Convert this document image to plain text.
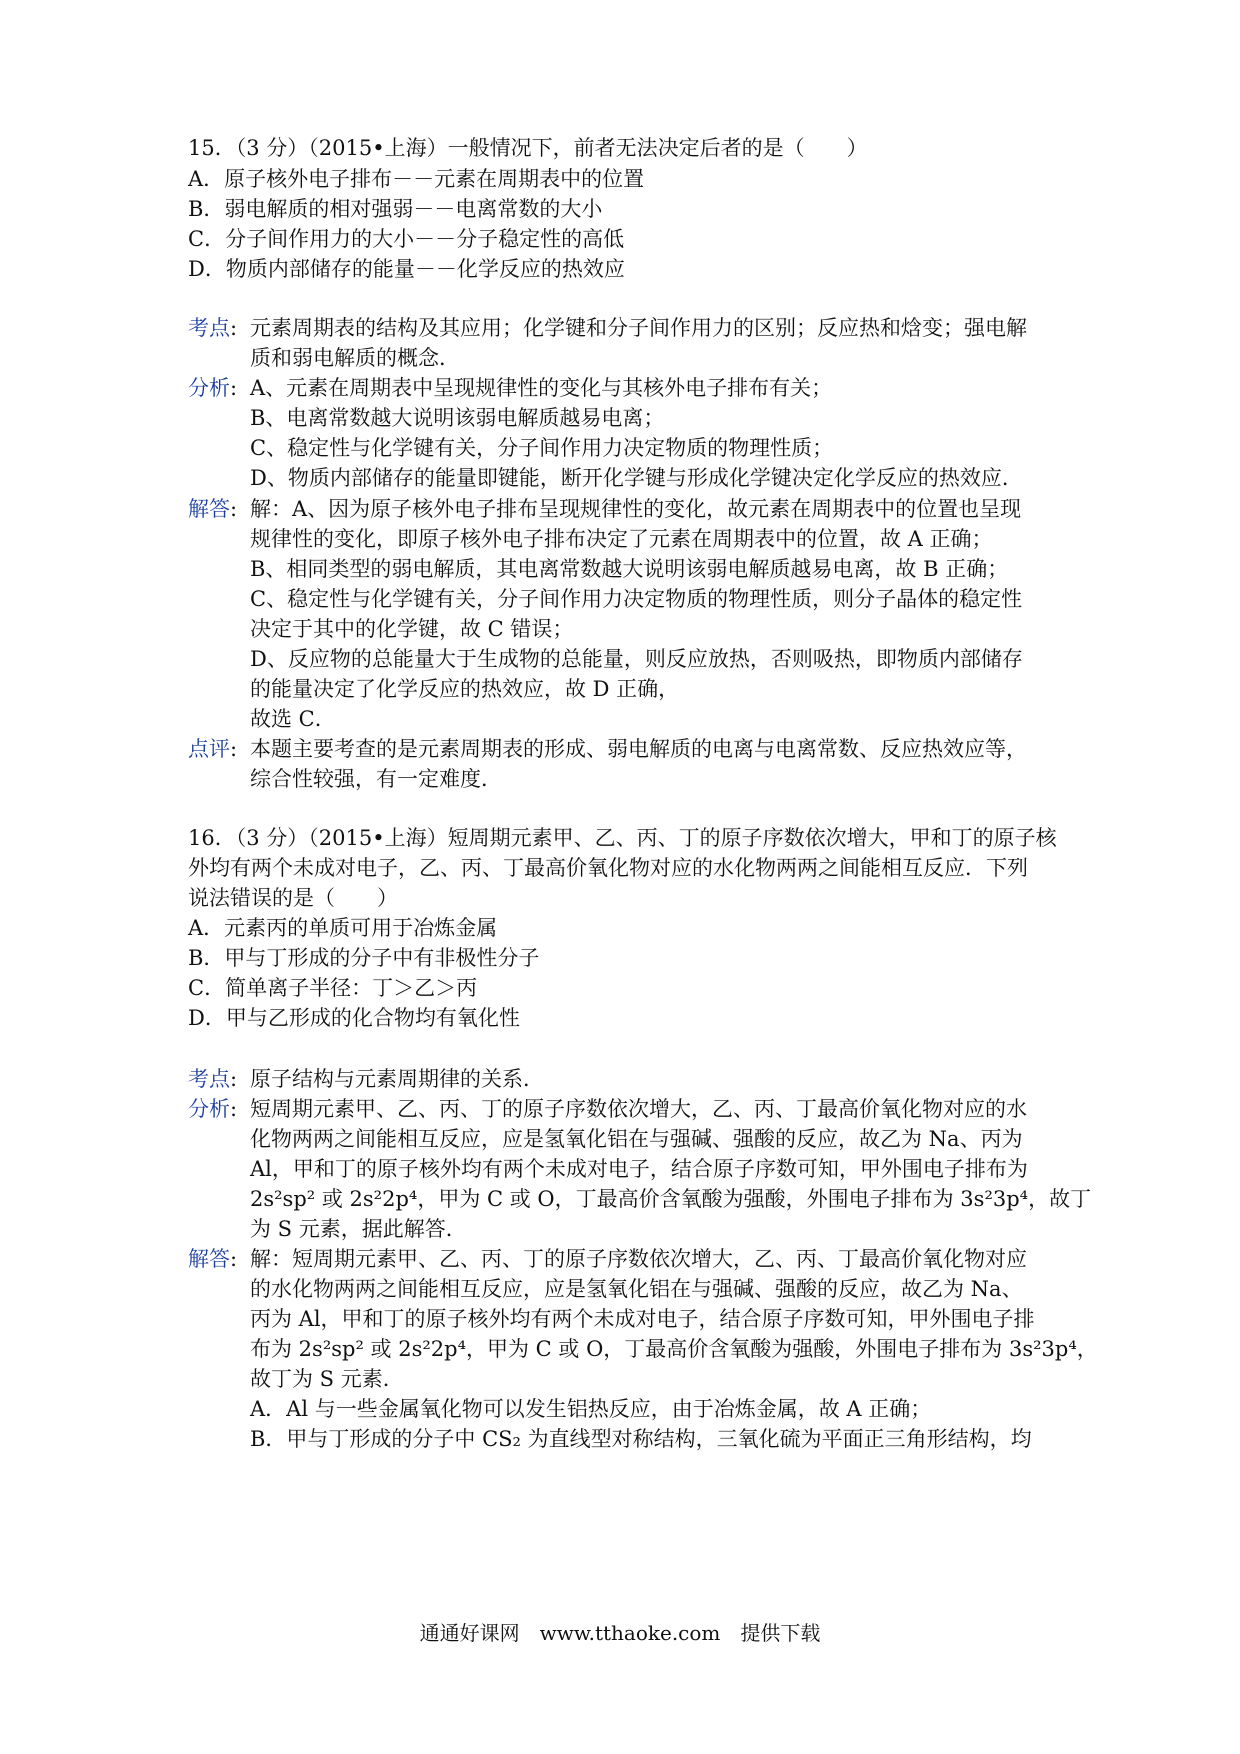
15．（3 分）（2015•上海）一般情况下，前者无法决定后者的是（　　）
A．原子核外电子排布－－元素在周期表中的位置
B．弱电解质的相对强弱－－电离常数的大小
C．分子间作用力的大小－－分子稳定性的高低
D．物质内部储存的能量－－化学反应的热效应
考点: 元素周期表的结构及其应用；化学键和分子间作用力的区别；反应热和焓变；强电解
质和弱电解质的概念．
分析: A、元素在周期表中呈现规律性的变化与其核外电子排布有关；
B、电离常数越大说明该弱电解质越易电离；
C、稳定性与化学键有关，分子间作用力决定物质的物理性质；
D、物质内部储存的能量即键能，断开化学键与形成化学键决定化学反应的热效应．
解答: 解：A、因为原子核外电子排布呈现规律性的变化，故元素在周期表中的位置也呈现
规律性的变化，即原子核外电子排布决定了元素在周期表中的位置，故 A 正确；
B、相同类型的弱电解质，其电离常数越大说明该弱电解质越易电离，故 B 正确；
C、稳定性与化学键有关，分子间作用力决定物质的物理性质，则分子晶体的稳定性
决定于其中的化学键，故 C 错误；
D、反应物的总能量大于生成物的总能量，则反应放热，否则吸热，即物质内部储存
的能量决定了化学反应的热效应，故 D 正确，
故选 C．
点评: 本题主要考查的是元素周期表的形成、弱电解质的电离与电离常数、反应热效应等，
综合性较强，有一定难度．
16．（3 分）（2015•上海）短周期元素甲、乙、丙、丁的原子序数依次增大，甲和丁的原子核
外均有两个未成对电子，乙、丙、丁最高价氧化物对应的水化物两两之间能相互反应．下列
说法错误的是（　　）
A．元素丙的单质可用于冶炼金属
B．甲与丁形成的分子中有非极性分子
C．简单离子半径：丁＞乙＞丙
D．甲与乙形成的化合物均有氧化性
考点: 原子结构与元素周期律的关系．
分析: 短周期元素甲、乙、丙、丁的原子序数依次增大，乙、丙、丁最高价氧化物对应的水
化物两两之间能相互反应，应是氢氧化铝在与强碱、强酸的反应，故乙为 Na、丙为
Al，甲和丁的原子核外均有两个未成对电子，结合原子序数可知，甲外围电子排布为
2s²sp² 或 2s²2p⁴，甲为 C 或 O，丁最高价含氧酸为强酸，外围电子排布为 3s²3p⁴，故丁
为 S 元素，据此解答．
解答: 解：短周期元素甲、乙、丙、丁的原子序数依次增大，乙、丙、丁最高价氧化物对应
的水化物两两之间能相互反应，应是氢氧化铝在与强碱、强酸的反应，故乙为 Na、
丙为 Al，甲和丁的原子核外均有两个未成对电子，结合原子序数可知，甲外围电子排
布为 2s²sp² 或 2s²2p⁴，甲为 C 或 O，丁最高价含氧酸为强酸，外围电子排布为 3s²3p⁴，
故丁为 S 元素．
A．Al 与一些金属氧化物可以发生铝热反应，由于冶炼金属，故 A 正确；
B．甲与丁形成的分子中 CS₂ 为直线型对称结构，三氧化硫为平面正三角形结构，均
通通好课网　www.tthaoke.com　提供下载
